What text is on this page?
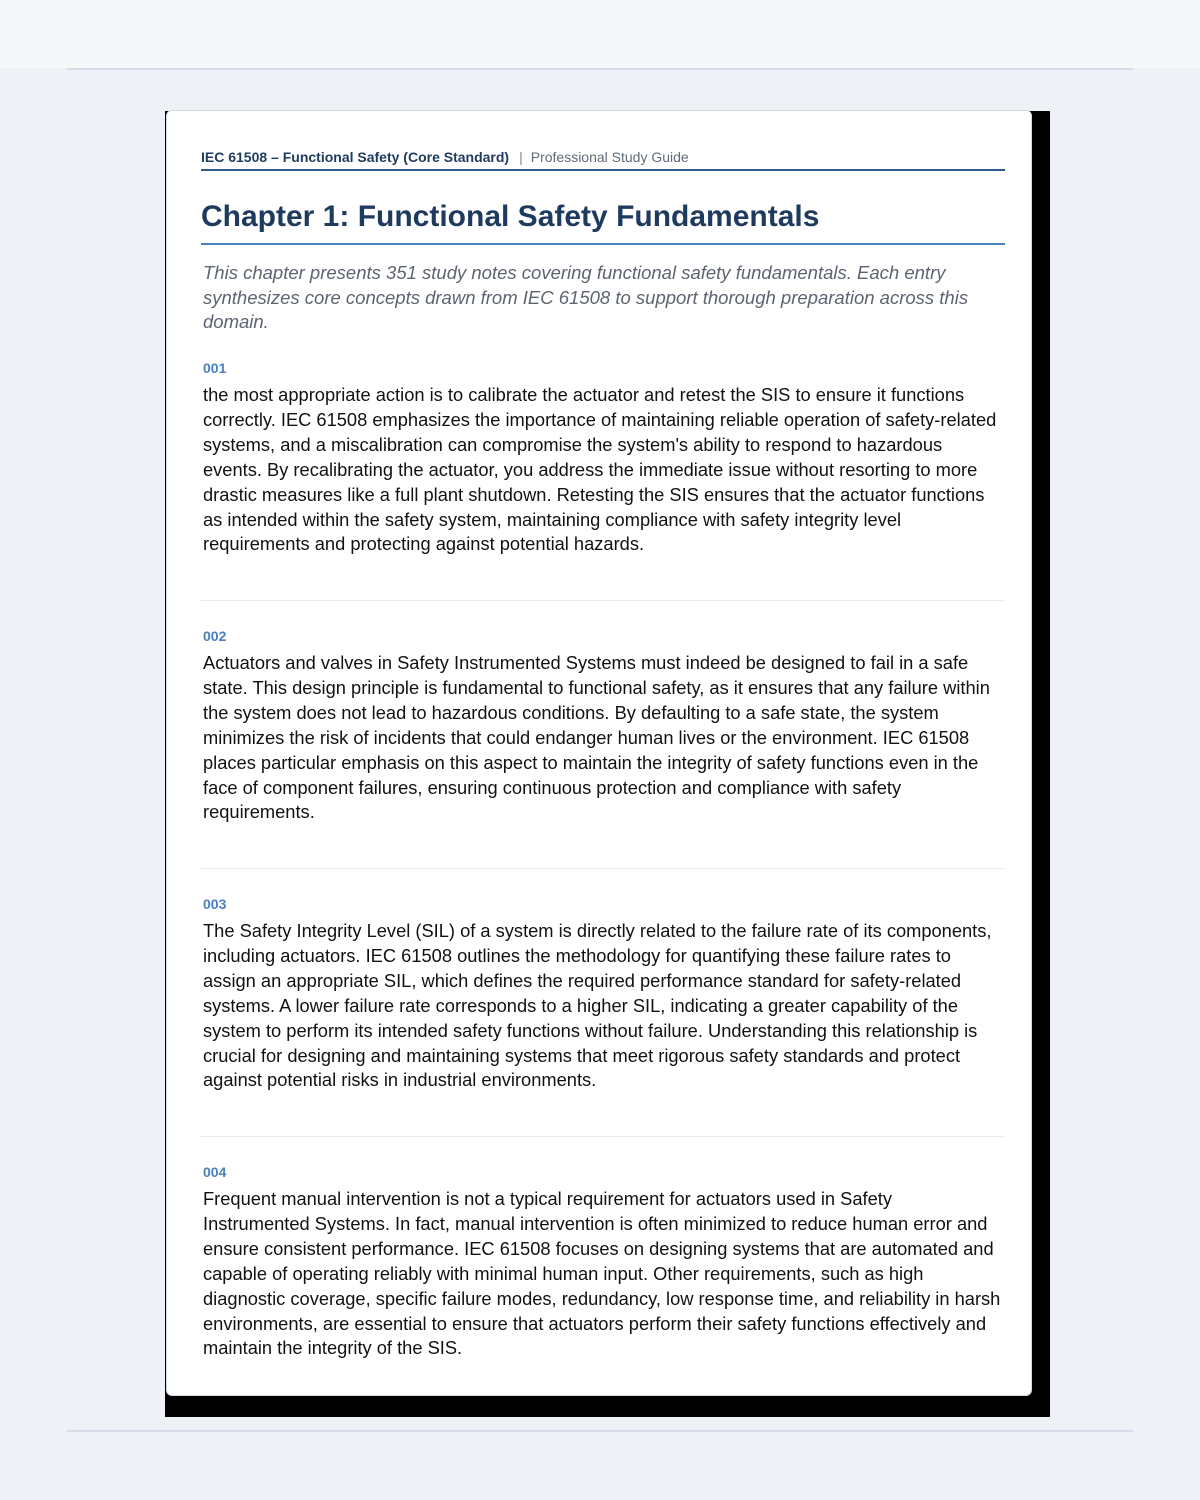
IEC 61508 – Functional Safety (Core Standard) | Professional Study Guide
Chapter 1: Functional Safety Fundamentals

This chapter presents 351 study notes covering functional safety fundamentals. Each entry synthesizes core concepts drawn from IEC 61508 to support thorough preparation across this domain.

001

the most appropriate action is to calibrate the actuator and retest the SIS to ensure it functions correctly. IEC 61508 emphasizes the importance of maintaining reliable operation of safety-related systems, and a miscalibration can compromise the system's ability to respond to hazardous events. By recalibrating the actuator, you address the immediate issue without resorting to more drastic measures like a full plant shutdown. Retesting the SIS ensures that the actuator functions as intended within the safety system, maintaining compliance with safety integrity level requirements and protecting against potential hazards.

002

Actuators and valves in Safety Instrumented Systems must indeed be designed to fail in a safe state. This design principle is fundamental to functional safety, as it ensures that any failure within the system does not lead to hazardous conditions. By defaulting to a safe state, the system minimizes the risk of incidents that could endanger human lives or the environment. IEC 61508 places particular emphasis on this aspect to maintain the integrity of safety functions even in the face of component failures, ensuring continuous protection and compliance with safety requirements.

003

The Safety Integrity Level (SIL) of a system is directly related to the failure rate of its components, including actuators. IEC 61508 outlines the methodology for quantifying these failure rates to assign an appropriate SIL, which defines the required performance standard for safety-related systems. A lower failure rate corresponds to a higher SIL, indicating a greater capability of the system to perform its intended safety functions without failure. Understanding this relationship is crucial for designing and maintaining systems that meet rigorous safety standards and protect against potential risks in industrial environments.

004

Frequent manual intervention is not a typical requirement for actuators used in Safety Instrumented Systems. In fact, manual intervention is often minimized to reduce human error and ensure consistent performance. IEC 61508 focuses on designing systems that are automated and capable of operating reliably with minimal human input. Other requirements, such as high diagnostic coverage, specific failure modes, redundancy, low response time, and reliability in harsh environments, are essential to ensure that actuators perform their safety functions effectively and maintain the integrity of the SIS.
